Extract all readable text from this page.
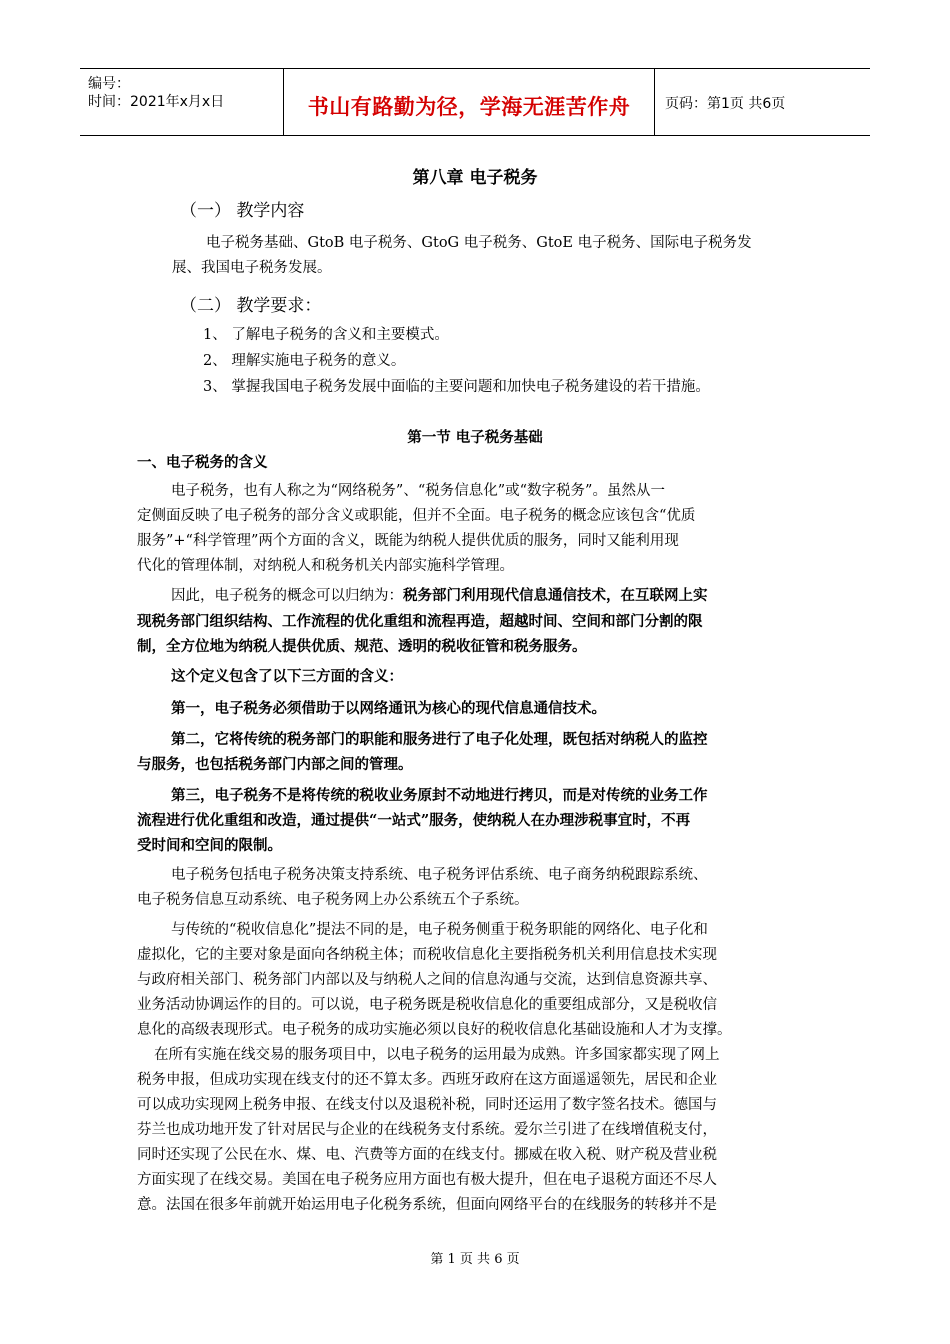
编号：
时间：2021年x月x日	书山有路勤为径，学海无涯苦作舟	页码：第1页 共6页
第八章 电子税务
（一） 教学内容
电子税务基础、GtoB 电子税务、GtoG 电子税务、GtoE 电子税务、国际电子税务发
展、我国电子税务发展。
（二） 教学要求：
1、 了解电子税务的含义和主要模式。
2、 理解实施电子税务的意义。
3、 掌握我国电子税务发展中面临的主要问题和加快电子税务建设的若干措施。
第一节 电子税务基础
一、电子税务的含义
电子税务，也有人称之为“网络税务”、“税务信息化”或“数字税务”。虽然从一
定侧面反映了电子税务的部分含义或职能，但并不全面。电子税务的概念应该包含“优质
服务”+“科学管理”两个方面的含义，既能为纳税人提供优质的服务，同时又能利用现
代化的管理体制，对纳税人和税务机关内部实施科学管理。
因此，电子税务的概念可以归纳为：税务部门利用现代信息通信技术，在互联网上实
现税务部门组织结构、工作流程的优化重组和流程再造，超越时间、空间和部门分割的限
制，全方位地为纳税人提供优质、规范、透明的税收征管和税务服务。
这个定义包含了以下三方面的含义：
第一，电子税务必须借助于以网络通讯为核心的现代信息通信技术。
第二，它将传统的税务部门的职能和服务进行了电子化处理，既包括对纳税人的监控
与服务，也包括税务部门内部之间的管理。
第三，电子税务不是将传统的税收业务原封不动地进行拷贝，而是对传统的业务工作
流程进行优化重组和改造，通过提供“一站式”服务，使纳税人在办理涉税事宜时，不再
受时间和空间的限制。
电子税务包括电子税务决策支持系统、电子税务评估系统、电子商务纳税跟踪系统、
电子税务信息互动系统、电子税务网上办公系统五个子系统。
与传统的“税收信息化”提法不同的是，电子税务侧重于税务职能的网络化、电子化和
虚拟化，它的主要对象是面向各纳税主体；而税收信息化主要指税务机关利用信息技术实现
与政府相关部门、税务部门内部以及与纳税人之间的信息沟通与交流，达到信息资源共享、
业务活动协调运作的目的。可以说，电子税务既是税收信息化的重要组成部分，又是税收信
息化的高级表现形式。电子税务的成功实施必须以良好的税收信息化基础设施和人才为支撑。
在所有实施在线交易的服务项目中，以电子税务的运用最为成熟。许多国家都实现了网上
税务申报，但成功实现在线支付的还不算太多。西班牙政府在这方面遥遥领先，居民和企业
可以成功实现网上税务申报、在线支付以及退税补税，同时还运用了数字签名技术。德国与
芬兰也成功地开发了针对居民与企业的在线税务支付系统。爱尔兰引进了在线增值税支付，
同时还实现了公民在水、煤、电、汽费等方面的在线支付。挪威在收入税、财产税及营业税
方面实现了在线交易。美国在电子税务应用方面也有极大提升，但在电子退税方面还不尽人
意。法国在很多年前就开始运用电子化税务系统，但面向网络平台的在线服务的转移并不是
第 1 页 共 6 页
